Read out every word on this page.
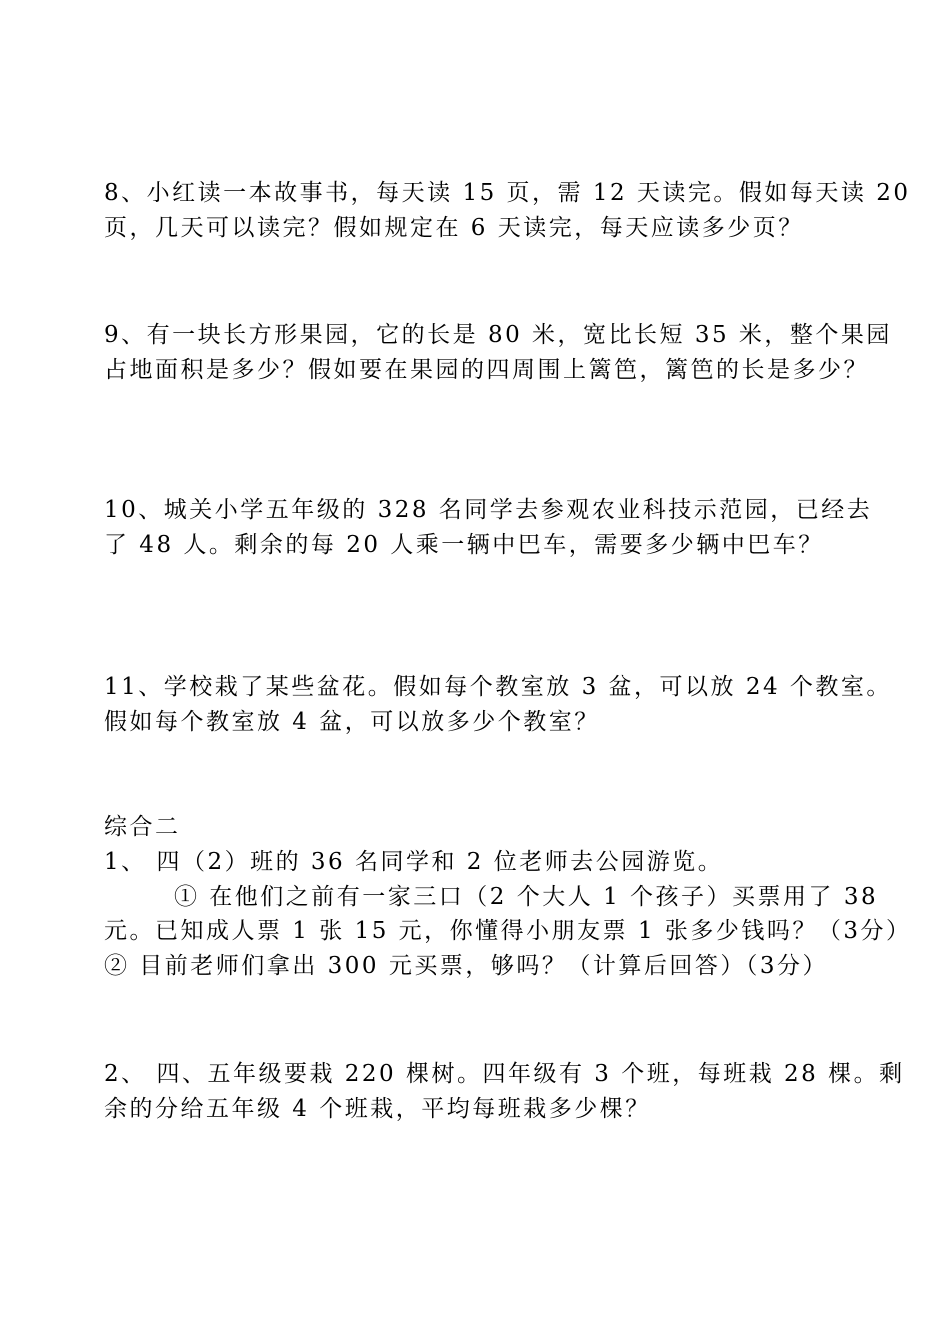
8、小红读一本故事书，每天读 15 页，需 12 天读完。假如每天读 20
页，几天可以读完？假如规定在 6 天读完，每天应读多少页？
9、有一块长方形果园，它的长是 80 米，宽比长短 35 米，整个果园
占地面积是多少？假如要在果园的四周围上篱笆，篱笆的长是多少？
10、城关小学五年级的 328 名同学去参观农业科技示范园，已经去
了 48 人。剩余的每 20 人乘一辆中巴车，需要多少辆中巴车？
11、学校栽了某些盆花。假如每个教室放 3 盆，可以放 24 个教室。
假如每个教室放 4 盆，可以放多少个教室？
综合二
1、 四（2）班的 36 名同学和 2 位老师去公园游览。
① 在他们之前有一家三口（2 个大人 1 个孩子）买票用了 38
元。已知成人票 1 张 15 元，你懂得小朋友票 1 张多少钱吗？（3分）
② 目前老师们拿出 300 元买票，够吗？（计算后回答）（3分）
2、 四、五年级要栽 220 棵树。四年级有 3 个班，每班栽 28 棵。剩
余的分给五年级 4 个班栽，平均每班栽多少棵？
